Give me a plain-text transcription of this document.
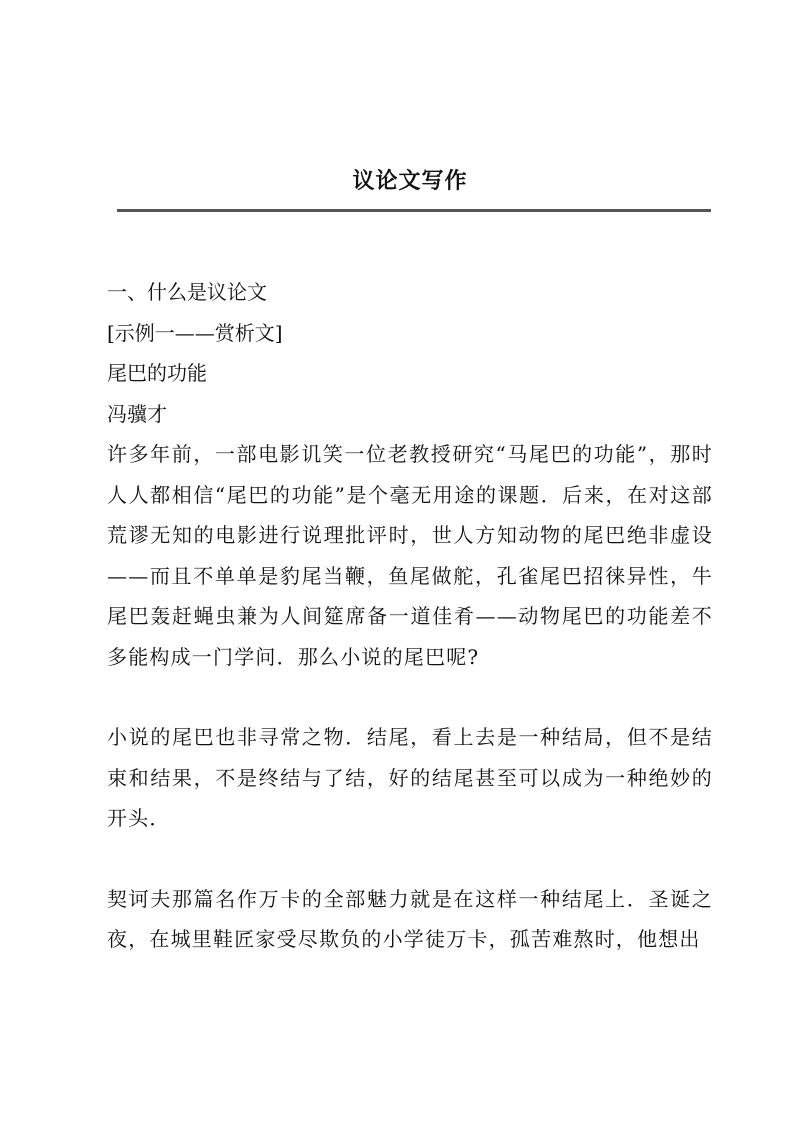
议论文写作
一、什么是议论文
[示例一——赏析文]
尾巴的功能
冯骥才
许多年前，一部电影讥笑一位老教授研究“马尾巴的功能”，那时人人都相信“尾巴的功能”是个毫无用途的课题．后来，在对这部荒谬无知的电影进行说理批评时，世人方知动物的尾巴绝非虚设——而且不单单是豹尾当鞭，鱼尾做舵，孔雀尾巴招徕异性，牛尾巴轰赶蝇虫兼为人间筵席备一道佳肴——动物尾巴的功能差不多能构成一门学问．那么小说的尾巴呢?
小说的尾巴也非寻常之物．结尾，看上去是一种结局，但不是结束和结果，不是终结与了结，好的结尾甚至可以成为一种绝妙的开头．
契诃夫那篇名作万卡的全部魅力就是在这样一种结尾上．圣诞之夜，在城里鞋匠家受尽欺负的小学徒万卡，孤苦难熬时，他想出
